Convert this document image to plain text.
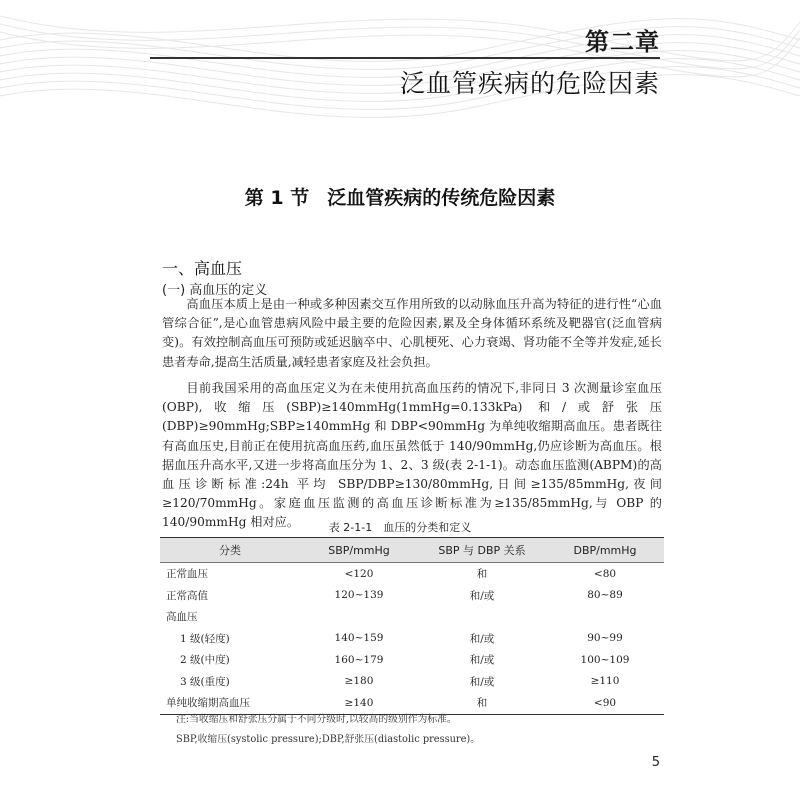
第二章
泛血管疾病的危险因素
第 1 节 泛血管疾病的传统危险因素
一、高血压
(一) 高血压的定义

高血压本质上是由一种或多种因素交互作用所致的以动脉血压升高为特征的进行性“心血管综合征”,是心血管患病风险中最主要的危险因素,累及全身体循环系统及靶器官(泛血管病变)。有效控制高血压可预防或延迟脑卒中、心肌梗死、心力衰竭、肾功能不全等并发症,延长患者寿命,提高生活质量,减轻患者家庭及社会负担。

目前我国采用的高血压定义为在未使用抗高血压药的情况下,非同日 3 次测量诊室血压(OBP),收缩压(SBP)≥140mmHg(1mmHg=0.133kPa) 和/或舒张压(DBP)≥90mmHg;SBP≥140mmHg 和 DBP<90mmHg 为单纯收缩期高血压。患者既往有高血压史,目前正在使用抗高血压药,血压虽然低于 140/90mmHg,仍应诊断为高血压。根据血压升高水平,又进一步将高血压分为 1、2、3 级(表 2-1-1)。动态血压监测(ABPM)的高血压诊断标准:24h 平均 SBP/DBP≥130/80mmHg,日间≥135/85mmHg,夜间≥120/70mmHg。家庭血压监测的高血压诊断标准为≥135/85mmHg,与 OBP 的 140/90mmHg 相对应。	表 2-1-1　血压的分类和定义
分类	SBP/mmHg	SBP 与 DBP 关系	DBP/mmHg
正常血压	<120	和	<80
正常高值	120~139	和/或	80~89
高血压			
1 级(轻度)	140~159	和/或	90~99
2 级(中度)	160~179	和/或	100~109
3 级(重度)	≥180	和/或	≥110
单纯收缩期高血压	≥140	和	<90
注:当收缩压和舒张压分属于不同分级时,以较高的级别作为标准。
SBP,收缩压(systolic pressure);DBP,舒张压(diastolic pressure)。
5
